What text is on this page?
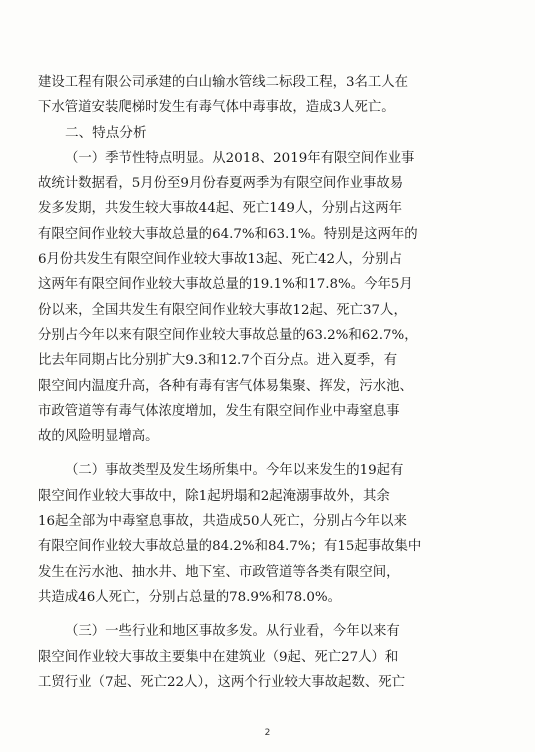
建设工程有限公司承建的白山输水管线二标段工程，3名工人在
下水管道安装爬梯时发生有毒气体中毒事故，造成3人死亡。
二、特点分析
（一）季节性特点明显。从2018、2019年有限空间作业事
故统计数据看，5月份至9月份春夏两季为有限空间作业事故易
发多发期，共发生较大事故44起、死亡149人，分别占这两年
有限空间作业较大事故总量的64.7%和63.1%。特别是这两年的
6月份共发生有限空间作业较大事故13起、死亡42人，分别占
这两年有限空间作业较大事故总量的19.1%和17.8%。今年5月
份以来，全国共发生有限空间作业较大事故12起、死亡37人，
分别占今年以来有限空间作业较大事故总量的63.2%和62.7%，
比去年同期占比分别扩大9.3和12.7个百分点。进入夏季，有
限空间内温度升高，各种有毒有害气体易集聚、挥发，污水池、
市政管道等有毒气体浓度增加，发生有限空间作业中毒窒息事
故的风险明显增高。
（二）事故类型及发生场所集中。今年以来发生的19起有
限空间作业较大事故中，除1起坍塌和2起淹溺事故外，其余
16起全部为中毒窒息事故，共造成50人死亡，分别占今年以来
有限空间作业较大事故总量的84.2%和84.7%；有15起事故集中
发生在污水池、抽水井、地下室、市政管道等各类有限空间，
共造成46人死亡，分别占总量的78.9%和78.0%。
（三）一些行业和地区事故多发。从行业看，今年以来有
限空间作业较大事故主要集中在建筑业（9起、死亡27人）和
工贸行业（7起、死亡22人），这两个行业较大事故起数、死亡
2
